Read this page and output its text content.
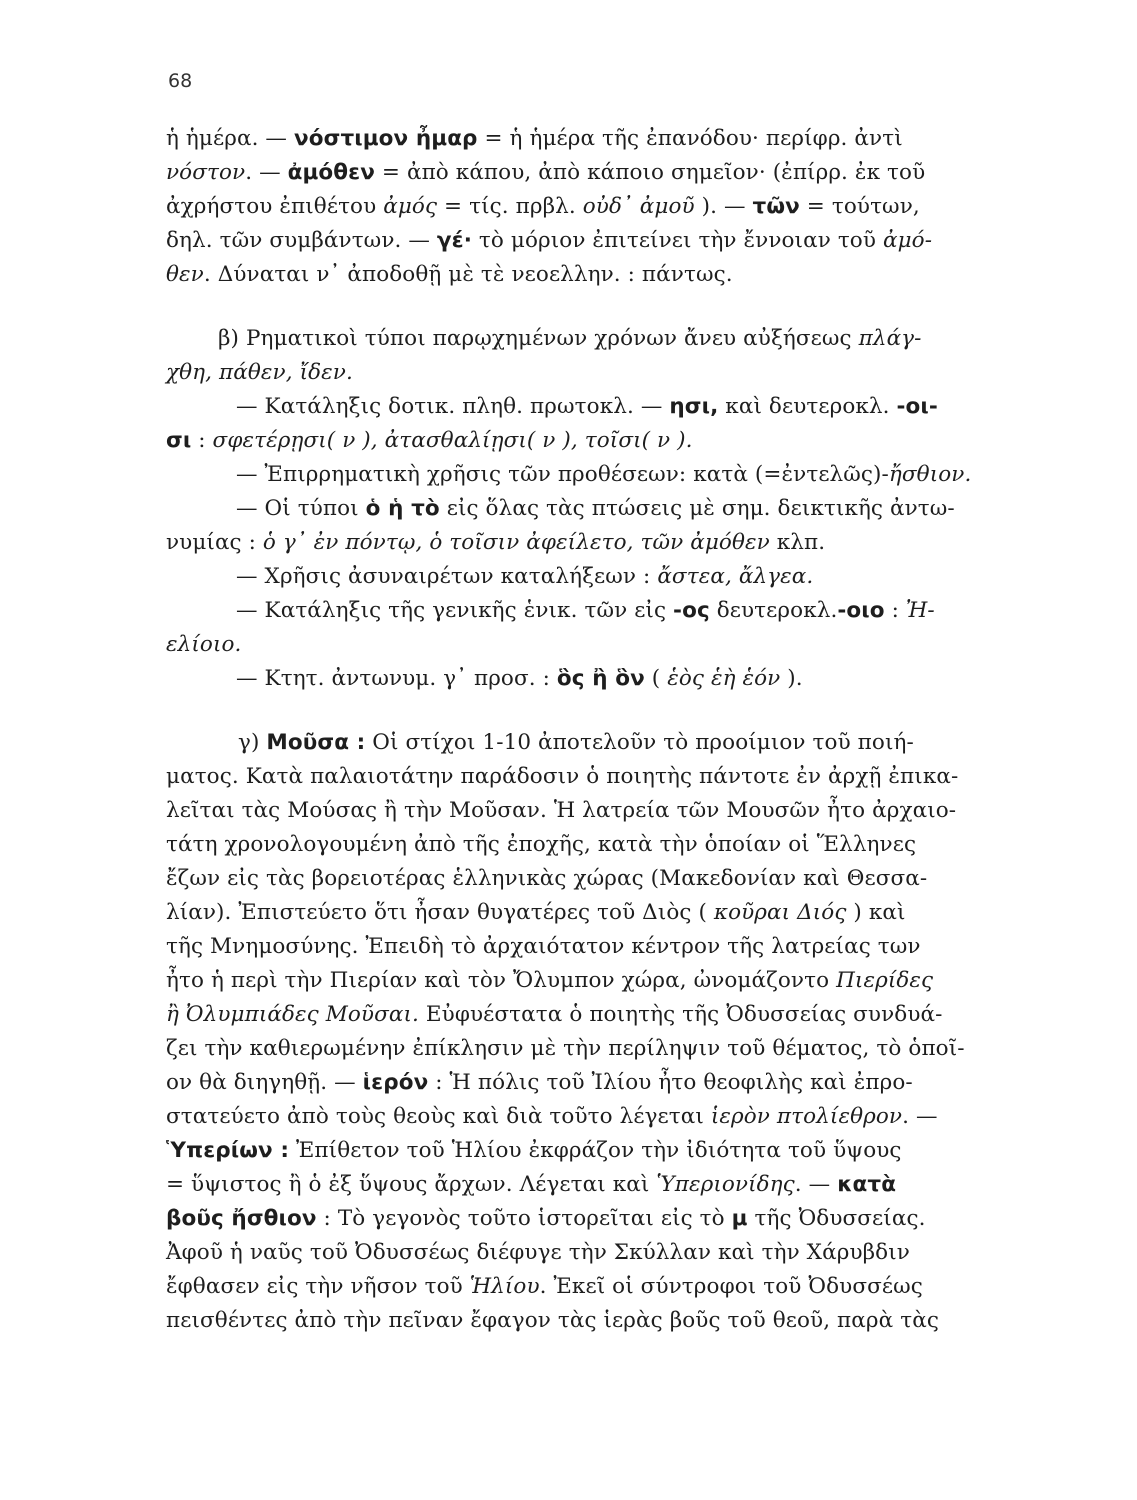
68
ἡ ἡμέρα. — νόστιμον ἦμαρ = ἡ ἡμέρα τῆς ἐπανόδου· περίφρ. ἀντὶ
νόστον. — ἀμόθεν = ἀπὸ κάπου, ἀπὸ κάποιο σημεῖον· (ἐπίρρ. ἐκ τοῦ
ἀχρήστου ἐπιθέτου ἀμός = τίς. πρβλ. οὐδ᾽ ἀμοῦ ). — τῶν = τούτων,
δηλ. τῶν συμβάντων. — γέ· τὸ μόριον ἐπιτείνει τὴν ἔννοιαν τοῦ ἀμό-
θεν. Δύναται ν᾽ ἀποδοθῇ μὲ τὲ νεοελλην. : πάντως.
β) Ρηματικοὶ τύποι παρῳχημένων χρόνων ἄνευ αὐξήσεως πλάγ-
χθη, πάθεν, ἴδεν.
— Κατάληξις δοτικ. πληθ. πρωτοκλ. — ησι, καὶ δευτεροκλ. -οι-
σι : σφετέρῃσι( ν ), ἀτασθαλίῃσι( ν ), τοῖσι( ν ).
— Ἐπιρρηματικὴ χρῆσις τῶν προθέσεων: κατὰ (=ἐντελῶς)-ἤσθιον.
— Οἱ τύποι ὁ ἡ τὸ εἰς ὅλας τὰς πτώσεις μὲ σημ. δεικτικῆς ἀντω-
νυμίας : ὁ γ᾽ ἐν πόντῳ, ὁ τοῖσιν ἀφείλετο, τῶν ἀμόθεν κλπ.
— Χρῆσις ἀσυναιρέτων καταλήξεων : ἄστεα, ἄλγεα.
— Κατάληξις τῆς γενικῆς ἑνικ. τῶν εἰς -ος δευτεροκλ.-οιο : Ἠ-
ελίοιο.
— Κτητ. ἀντωνυμ. γ᾽ προσ. : ὃς ἢ ὃν ( ἑὸς ἑὴ ἑόν ).
γ) Μοῦσα : Οἱ στίχοι 1-10 ἀποτελοῦν τὸ προοίμιον τοῦ ποιή-
ματος. Κατὰ παλαιοτάτην παράδοσιν ὁ ποιητὴς πάντοτε ἐν ἀρχῇ ἐπικα-
λεῖται τὰς Μούσας ἢ τὴν Μοῦσαν. Ἡ λατρεία τῶν Μουσῶν ἦτο ἀρχαιο-
τάτη χρονολογουμένη ἀπὸ τῆς ἐποχῆς, κατὰ τὴν ὁποίαν οἱ Ἕλληνες
ἔζων εἰς τὰς βορειοτέρας ἑλληνικὰς χώρας (Μακεδονίαν καὶ Θεσσα-
λίαν). Ἐπιστεύετο ὅτι ἦσαν θυγατέρες τοῦ Διὸς ( κοῦραι Διός ) καὶ
τῆς Μνημοσύνης. Ἐπειδὴ τὸ ἀρχαιότατον κέντρον τῆς λατρείας των
ἦτο ἡ περὶ τὴν Πιερίαν καὶ τὸν Ὄλυμπον χώρα, ὠνομάζοντο Πιερίδες
ἢ Ὀλυμπιάδες Μοῦσαι. Εὐφυέστατα ὁ ποιητὴς τῆς Ὀδυσσείας συνδυά-
ζει τὴν καθιερωμένην ἐπίκλησιν μὲ τὴν περίληψιν τοῦ θέματος, τὸ ὁποῖ-
ον θὰ διηγηθῇ. — ἱερόν : Ἡ πόλις τοῦ Ἰλίου ἦτο θεοφιλὴς καὶ ἐπρο-
στατεύετο ἀπὸ τοὺς θεοὺς καὶ διὰ τοῦτο λέγεται ἱερὸν πτολίεθρον. —
Ὑπερίων : Ἐπίθετον τοῦ Ἡλίου ἐκφράζον τὴν ἰδιότητα τοῦ ὕψους
= ὕψιστος ἢ ὁ ἐξ ὕψους ἄρχων. Λέγεται καὶ Ὑπεριονίδης. — κατὰ
βοῦς ἤσθιον : Τὸ γεγονὸς τοῦτο ἱστορεῖται εἰς τὸ μ τῆς Ὀδυσσείας.
Ἀφοῦ ἡ ναῦς τοῦ Ὀδυσσέως διέφυγε τὴν Σκύλλαν καὶ τὴν Χάρυβδιν
ἔφθασεν εἰς τὴν νῆσον τοῦ Ἡλίου. Ἐκεῖ οἱ σύντροφοι τοῦ Ὀδυσσέως
πεισθέντες ἀπὸ τὴν πεῖναν ἔφαγον τὰς ἱερὰς βοῦς τοῦ θεοῦ, παρὰ τὰς
